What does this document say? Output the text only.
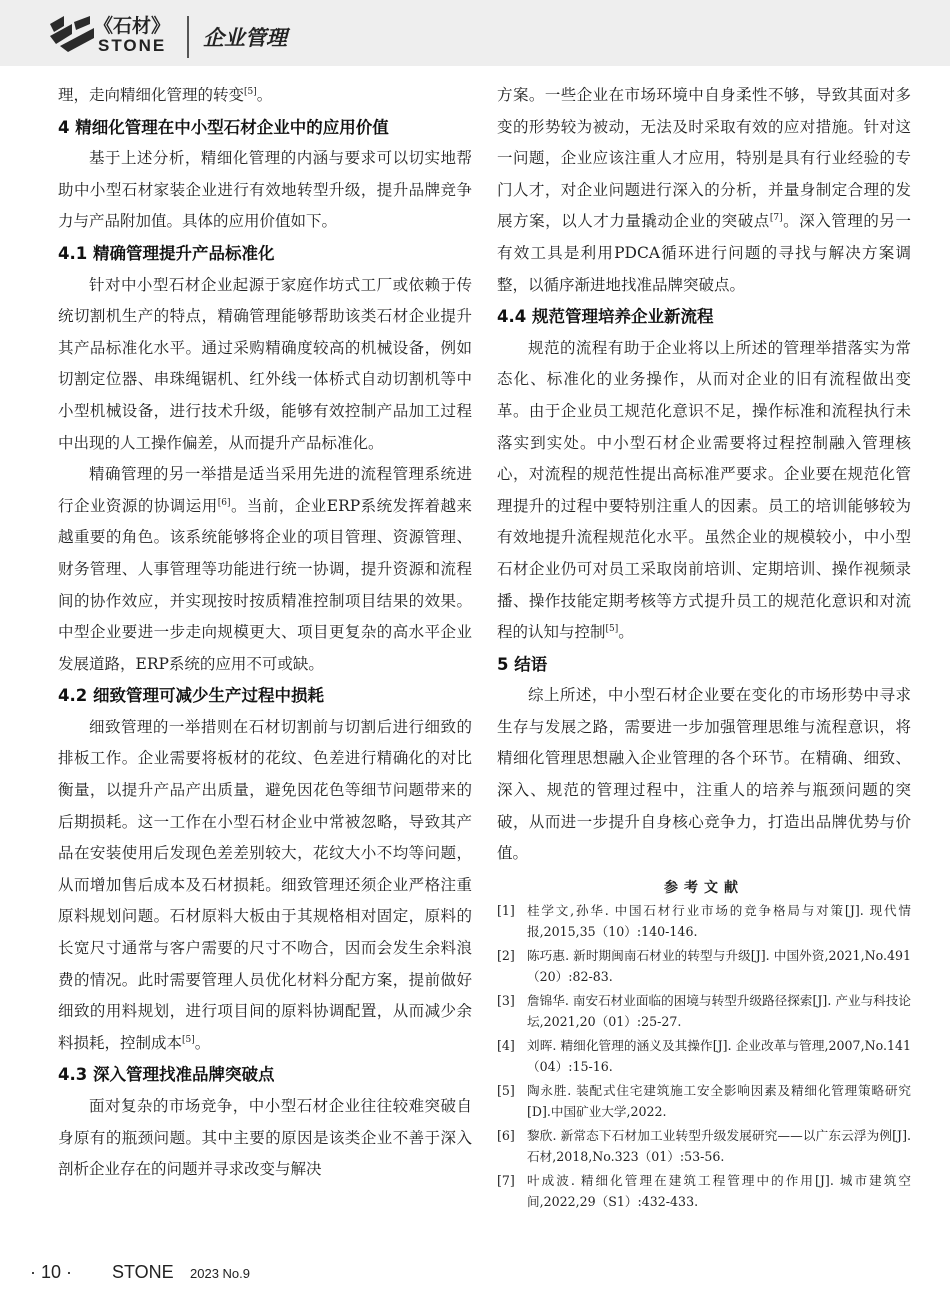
《石材》
STONE 企业管理

理，走向精细化管理的转变[5]。

4 精细化管理在中小型石材企业中的应用价值

基于上述分析，精细化管理的内涵与要求可以切实地帮助中小型石材家装企业进行有效地转型升级，提升品牌竞争力与产品附加值。具体的应用价值如下。

4.1 精确管理提升产品标准化

针对中小型石材企业起源于家庭作坊式工厂或依赖于传统切割机生产的特点，精确管理能够帮助该类石材企业提升其产品标准化水平。通过采购精确度较高的机械设备，例如切割定位器、串珠绳锯机、红外线一体桥式自动切割机等中小型机械设备，进行技术升级，能够有效控制产品加工过程中出现的人工操作偏差，从而提升产品标准化。

精确管理的另一举措是适当采用先进的流程管理系统进行企业资源的协调运用[6]。当前，企业ERP系统发挥着越来越重要的角色。该系统能够将企业的项目管理、资源管理、财务管理、人事管理等功能进行统一协调，提升资源和流程间的协作效应，并实现按时按质精准控制项目结果的效果。中型企业要进一步走向规模更大、项目更复杂的高水平企业发展道路，ERP系统的应用不可或缺。

4.2 细致管理可减少生产过程中损耗

细致管理的一举措则在石材切割前与切割后进行细致的排板工作。企业需要将板材的花纹、色差进行精确化的对比衡量，以提升产品产出质量，避免因花色等细节问题带来的后期损耗。这一工作在小型石材企业中常被忽略，导致其产品在安装使用后发现色差差别较大，花纹大小不均等问题，从而增加售后成本及石材损耗。细致管理还须企业严格注重原料规划问题。石材原料大板由于其规格相对固定，原料的长宽尺寸通常与客户需要的尺寸不吻合，因而会发生余料浪费的情况。此时需要管理人员优化材料分配方案，提前做好细致的用料规划，进行项目间的原料协调配置，从而减少余料损耗，控制成本[5]。

4.3 深入管理找准品牌突破点

面对复杂的市场竞争，中小型石材企业往往较难突破自身原有的瓶颈问题。其中主要的原因是该类企业不善于深入剖析企业存在的问题并寻求改变与解决

方案。一些企业在市场环境中自身柔性不够，导致其面对多变的形势较为被动，无法及时采取有效的应对措施。针对这一问题，企业应该注重人才应用，特别是具有行业经验的专门人才，对企业问题进行深入的分析，并量身制定合理的发展方案，以人才力量撬动企业的突破点[7]。深入管理的另一有效工具是利用PDCA循环进行问题的寻找与解决方案调整，以循序渐进地找准品牌突破点。

4.4 规范管理培养企业新流程

规范的流程有助于企业将以上所述的管理举措落实为常态化、标准化的业务操作，从而对企业的旧有流程做出变革。由于企业员工规范化意识不足，操作标准和流程执行未落实到实处。中小型石材企业需要将过程控制融入管理核心，对流程的规范性提出高标准严要求。企业要在规范化管理提升的过程中要特别注重人的因素。员工的培训能够较为有效地提升流程规范化水平。虽然企业的规模较小，中小型石材企业仍可对员工采取岗前培训、定期培训、操作视频录播、操作技能定期考核等方式提升员工的规范化意识和对流程的认知与控制[5]。

5 结语

综上所述，中小型石材企业要在变化的市场形势中寻求生存与发展之路，需要进一步加强管理思维与流程意识，将精细化管理思想融入企业管理的各个环节。在精确、细致、深入、规范的管理过程中，注重人的培养与瓶颈问题的突破，从而进一步提升自身核心竞争力，打造出品牌优势与价值。

参考文献
[1] 桂学文,孙华. 中国石材行业市场的竞争格局与对策[J]. 现代情报,2015,35（10）:140-146.
[2] 陈巧惠. 新时期闽南石材业的转型与升级[J]. 中国外资,2021,No.491（20）:82-83.
[3] 詹锦华. 南安石材业面临的困境与转型升级路径探索[J]. 产业与科技论坛,2021,20（01）:25-27.
[4] 刘晖. 精细化管理的涵义及其操作[J]. 企业改革与管理,2007,No.141（04）:15-16.
[5] 陶永胜. 装配式住宅建筑施工安全影响因素及精细化管理策略研究[D].中国矿业大学,2022.
[6] 黎欣. 新常态下石材加工业转型升级发展研究——以广东云浮为例[J]. 石材,2018,No.323（01）:53-56.
[7] 叶成波. 精细化管理在建筑工程管理中的作用[J]. 城市建筑空间,2022,29（S1）:432-433.
· 10 · STONE 2023 No.9
